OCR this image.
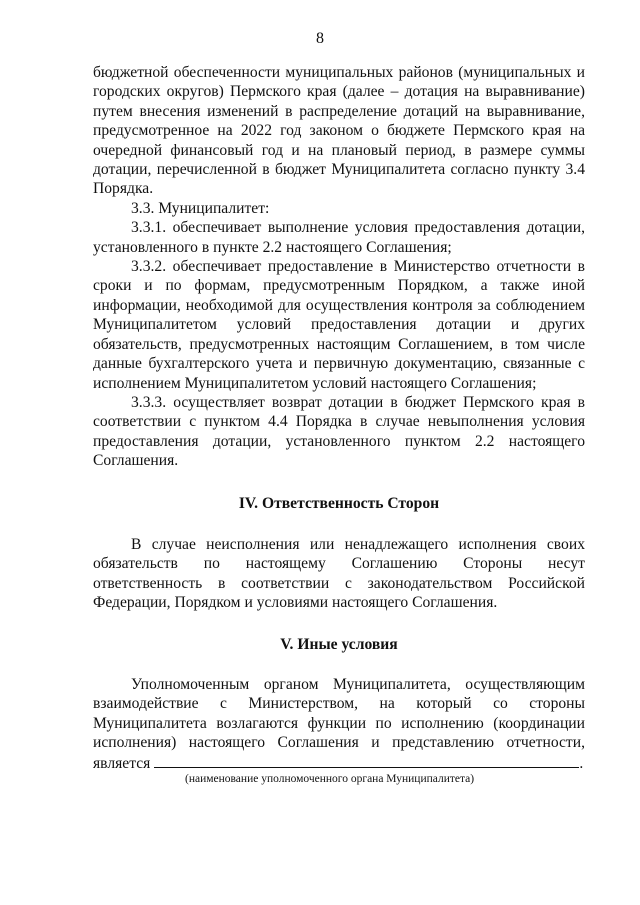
8

бюджетной обеспеченности муниципальных районов (муниципальных и городских округов) Пермского края (далее – дотация на выравнивание) путем внесения изменений в распределение дотаций на выравнивание, предусмотренное на 2022 год законом о бюджете Пермского края на очередной финансовый год и на плановый период, в размере суммы дотации, перечисленной в бюджет Муниципалитета согласно пункту 3.4 Порядка.

3.3. Муниципалитет:

3.3.1. обеспечивает выполнение условия предоставления дотации, установленного в пункте 2.2 настоящего Соглашения;

3.3.2. обеспечивает предоставление в Министерство отчетности в сроки и по формам, предусмотренным Порядком, а также иной информации, необходимой для осуществления контроля за соблюдением Муниципалитетом условий предоставления дотации и других обязательств, предусмотренных настоящим Соглашением, в том числе данные бухгалтерского учета и первичную документацию, связанные с исполнением Муниципалитетом условий настоящего Соглашения;

3.3.3. осуществляет возврат дотации в бюджет Пермского края в соответствии с пунктом 4.4 Порядка в случае невыполнения условия предоставления дотации, установленного пунктом 2.2 настоящего Соглашения.

IV. Ответственность Сторон

В случае неисполнения или ненадлежащего исполнения своих обязательств по настоящему Соглашению Стороны несут ответственность в соответствии с законодательством Российской Федерации, Порядком и условиями настоящего Соглашения.

V. Иные условия

Уполномоченным органом Муниципалитета, осуществляющим взаимодействие с Министерством, на который со стороны Муниципалитета возлагаются функции по исполнению (координации исполнения) настоящего Соглашения и представлению отчетности, является	.

(наименование уполномоченного органа Муниципалитета)
